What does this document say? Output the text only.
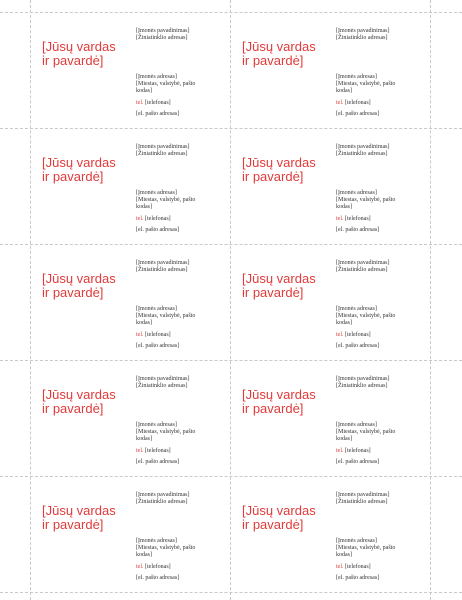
[Jūsų vardas ir pavardė]
[Įmonės pavadinimas]
[Žiniatinklio adresas]
[Įmonės adresas]
[Miestas, valstybė, pašto kodas]
tel. [telefonas]
[el. pašto adresas]
[Jūsų vardas ir pavardė]
[Įmonės pavadinimas]
[Žiniatinklio adresas]
[Įmonės adresas]
[Miestas, valstybė, pašto kodas]
tel. [telefonas]
[el. pašto adresas]
[Jūsų vardas ir pavardė]
[Įmonės pavadinimas]
[Žiniatinklio adresas]
[Įmonės adresas]
[Miestas, valstybė, pašto kodas]
tel. [telefonas]
[el. pašto adresas]
[Jūsų vardas ir pavardė]
[Įmonės pavadinimas]
[Žiniatinklio adresas]
[Įmonės adresas]
[Miestas, valstybė, pašto kodas]
tel. [telefonas]
[el. pašto adresas]
[Jūsų vardas ir pavardė]
[Įmonės pavadinimas]
[Žiniatinklio adresas]
[Įmonės adresas]
[Miestas, valstybė, pašto kodas]
tel. [telefonas]
[el. pašto adresas]
[Jūsų vardas ir pavardė]
[Įmonės pavadinimas]
[Žiniatinklio adresas]
[Įmonės adresas]
[Miestas, valstybė, pašto kodas]
tel. [telefonas]
[el. pašto adresas]
[Jūsų vardas ir pavardė]
[Įmonės pavadinimas]
[Žiniatinklio adresas]
[Įmonės adresas]
[Miestas, valstybė, pašto kodas]
tel. [telefonas]
[el. pašto adresas]
[Jūsų vardas ir pavardė]
[Įmonės pavadinimas]
[Žiniatinklio adresas]
[Įmonės adresas]
[Miestas, valstybė, pašto kodas]
tel. [telefonas]
[el. pašto adresas]
[Jūsų vardas ir pavardė]
[Įmonės pavadinimas]
[Žiniatinklio adresas]
[Įmonės adresas]
[Miestas, valstybė, pašto kodas]
tel. [telefonas]
[el. pašto adresas]
[Jūsų vardas ir pavardė]
[Įmonės pavadinimas]
[Žiniatinklio adresas]
[Įmonės adresas]
[Miestas, valstybė, pašto kodas]
tel. [telefonas]
[el. pašto adresas]
